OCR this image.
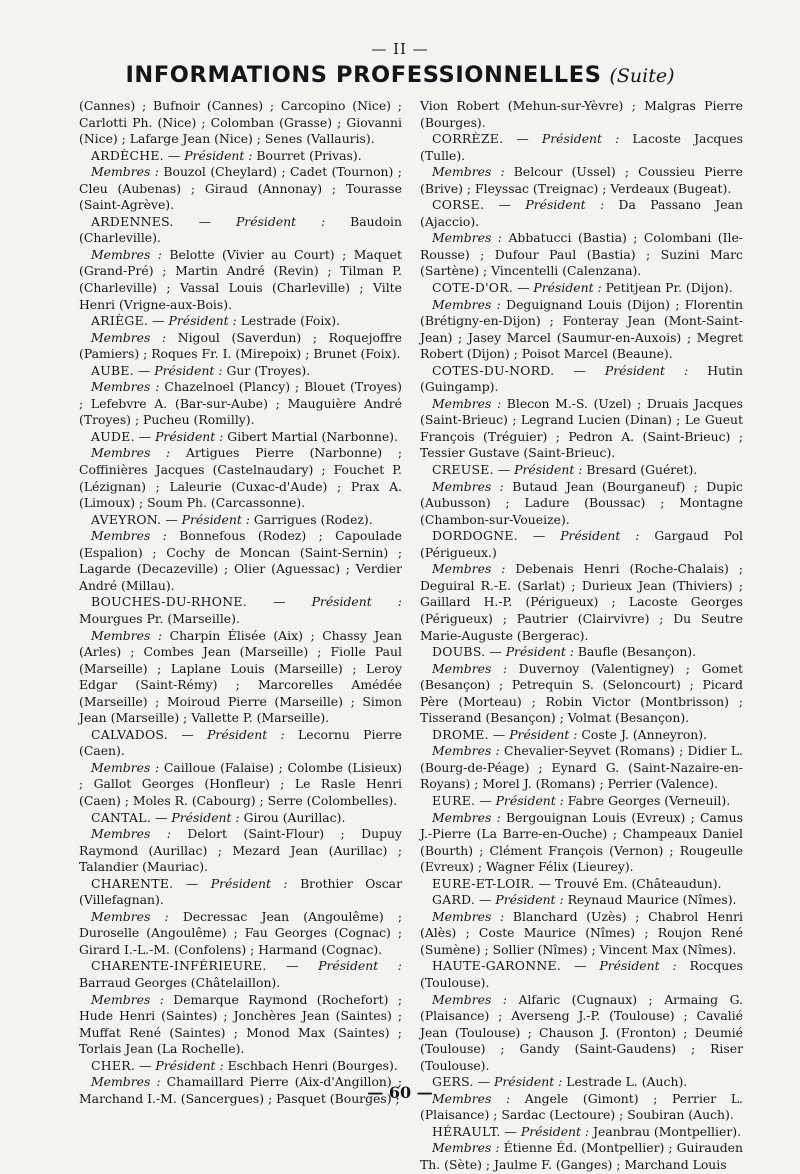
— II —
INFORMATIONS PROFESSIONNELLES (Suite)

(Cannes) ; Bufnoir (Cannes) ; Carcopino (Nice) ; Carlotti Ph. (Nice) ; Colomban (Grasse) ; Giovanni (Nice) ; Lafarge Jean (Nice) ; Senes (Vallauris).

ARDÈCHE. — Président : Bourret (Privas).

Membres : Bouzol (Cheylard) ; Cadet (Tournon) ; Cleu (Aubenas) ; Giraud (Annonay) ; Tourasse (Saint-Agrève).

ARDENNES. — Président : Baudoin (Charleville).

Membres : Belotte (Vivier au Court) ; Maquet (Grand-Pré) ; Martin André (Revin) ; Tilman P. (Charleville) ; Vassal Louis (Charleville) ; Vilte Henri (Vrigne-aux-Bois).

ARIÈGE. — Président : Lestrade (Foix).

Membres : Nigoul (Saverdun) ; Roquejoffre (Pamiers) ; Roques Fr. I. (Mirepoix) ; Brunet (Foix).

AUBE. — Président : Gur (Troyes).

Membres : Chazelnoel (Plancy) ; Blouet (Troyes) ; Lefebvre A. (Bar-sur-Aube) ; Mauguière André (Troyes) ; Pucheu (Romilly).

AUDE. — Président : Gibert Martial (Narbonne).

Membres : Artigues Pierre (Narbonne) ; Coffinières Jacques (Castelnaudary) ; Fouchet P. (Lézignan) ; Laleurie (Cuxac-d'Aude) ; Prax A. (Limoux) ; Soum Ph. (Carcassonne).

AVEYRON. — Président : Garrigues (Rodez).

Membres : Bonnefous (Rodez) ; Capoulade (Espalion) ; Cochy de Moncan (Saint-Sernin) ; Lagarde (Decazeville) ; Olier (Aguessac) ; Verdier André (Millau).

BOUCHES-DU-RHONE. — Président : Mourgues Pr. (Marseille).

Membres : Charpin Élisée (Aix) ; Chassy Jean (Arles) ; Combes Jean (Marseille) ; Fiolle Paul (Marseille) ; Laplane Louis (Marseille) ; Leroy Edgar (Saint-Rémy) ; Marcorelles Amédée (Marseille) ; Moiroud Pierre (Marseille) ; Simon Jean (Marseille) ; Vallette P. (Marseille).

CALVADOS. — Président : Lecornu Pierre (Caen).

Membres : Cailloue (Falaise) ; Colombe (Lisieux) ; Gallot Georges (Honfleur) ; Le Rasle Henri (Caen) ; Moles R. (Cabourg) ; Serre (Colombelles).

CANTAL. — Président : Girou (Aurillac).

Membres : Delort (Saint-Flour) ; Dupuy Raymond (Aurillac) ; Mezard Jean (Aurillac) ; Talandier (Mauriac).

CHARENTE. — Président : Brothier Oscar (Villefagnan).

Membres : Decressac Jean (Angoulême) ; Duroselle (Angoulême) ; Fau Georges (Cognac) ; Girard I.-L.-M. (Confolens) ; Harmand (Cognac).

CHARENTE-INFÉRIEURE. — Président : Barraud Georges (Châtelaillon).

Membres : Demarque Raymond (Rochefort) ; Hude Henri (Saintes) ; Jonchères Jean (Saintes) ; Muffat René (Saintes) ; Monod Max (Saintes) ; Torlais Jean (La Rochelle).

CHER. — Président : Eschbach Henri (Bourges).

Membres : Chamaillard Pierre (Aix-d'Angillon) ; Marchand I.-M. (Sancergues) ; Pasquet (Bourges) ;

Vion Robert (Mehun-sur-Yèvre) ; Malgras Pierre (Bourges).

CORRÈZE. — Président : Lacoste Jacques (Tulle).

Membres : Belcour (Ussel) ; Coussieu Pierre (Brive) ; Fleyssac (Treignac) ; Verdeaux (Bugeat).

CORSE. — Président : Da Passano Jean (Ajaccio).

Membres : Abbatucci (Bastia) ; Colombani (Ile-Rousse) ; Dufour Paul (Bastia) ; Suzini Marc (Sartène) ; Vincentelli (Calenzana).

COTE-D'OR. — Président : Petitjean Pr. (Dijon).

Membres : Deguignand Louis (Dijon) ; Florentin (Brétigny-en-Dijon) ; Fonteray Jean (Mont-Saint-Jean) ; Jasey Marcel (Saumur-en-Auxois) ; Megret Robert (Dijon) ; Poisot Marcel (Beaune).

COTES-DU-NORD. — Président : Hutin (Guingamp).

Membres : Blecon M.-S. (Uzel) ; Druais Jacques (Saint-Brieuc) ; Legrand Lucien (Dinan) ; Le Gueut François (Tréguier) ; Pedron A. (Saint-Brieuc) ; Tessier Gustave (Saint-Brieuc).

CREUSE. — Président : Bresard (Guéret).

Membres : Butaud Jean (Bourganeuf) ; Dupic (Aubusson) ; Ladure (Boussac) ; Montagne (Chambon-sur-Voueize).

DORDOGNE. — Président : Gargaud Pol (Périgueux.)

Membres : Debenais Henri (Roche-Chalais) ; Deguiral R.-E. (Sarlat) ; Durieux Jean (Thiviers) ; Gaillard H.-P. (Périgueux) ; Lacoste Georges (Périgueux) ; Pautrier (Clairvivre) ; Du Seutre Marie-Auguste (Bergerac).

DOUBS. — Président : Baufle (Besançon).

Membres : Duvernoy (Valentigney) ; Gomet (Besançon) ; Petrequin S. (Seloncourt) ; Picard Père (Morteau) ; Robin Victor (Montbrisson) ; Tisserand (Besançon) ; Volmat (Besançon).

DROME. — Président : Coste J. (Anneyron).

Membres : Chevalier-Seyvet (Romans) ; Didier L. (Bourg-de-Péage) ; Eynard G. (Saint-Nazaire-en-Royans) ; Morel J. (Romans) ; Perrier (Valence).

EURE. — Président : Fabre Georges (Verneuil).

Membres : Bergouignan Louis (Evreux) ; Camus J.-Pierre (La Barre-en-Ouche) ; Champeaux Daniel (Bourth) ; Clément François (Vernon) ; Rougeulle (Evreux) ; Wagner Félix (Lieurey).

EURE-ET-LOIR. — Trouvé Em. (Châteaudun).

GARD. — Président : Reynaud Maurice (Nîmes).

Membres : Blanchard (Uzès) ; Chabrol Henri (Alès) ; Coste Maurice (Nîmes) ; Roujon René (Sumène) ; Sollier (Nîmes) ; Vincent Max (Nîmes).

HAUTE-GARONNE. — Président : Rocques (Toulouse).

Membres : Alfaric (Cugnaux) ; Armaing G. (Plaisance) ; Averseng J.-P. (Toulouse) ; Cavalié Jean (Toulouse) ; Chauson J. (Fronton) ; Deumié (Toulouse) ; Gandy (Saint-Gaudens) ; Riser (Toulouse).

GERS. — Président : Lestrade L. (Auch).

Membres : Angele (Gimont) ; Perrier L. (Plaisance) ; Sardac (Lectoure) ; Soubiran (Auch).

HÉRAULT. — Président : Jeanbrau (Montpellier).

Membres : Étienne Éd. (Montpellier) ; Guirauden Th. (Sète) ; Jaulme F. (Ganges) ; Marchand Louis

— 60 —
